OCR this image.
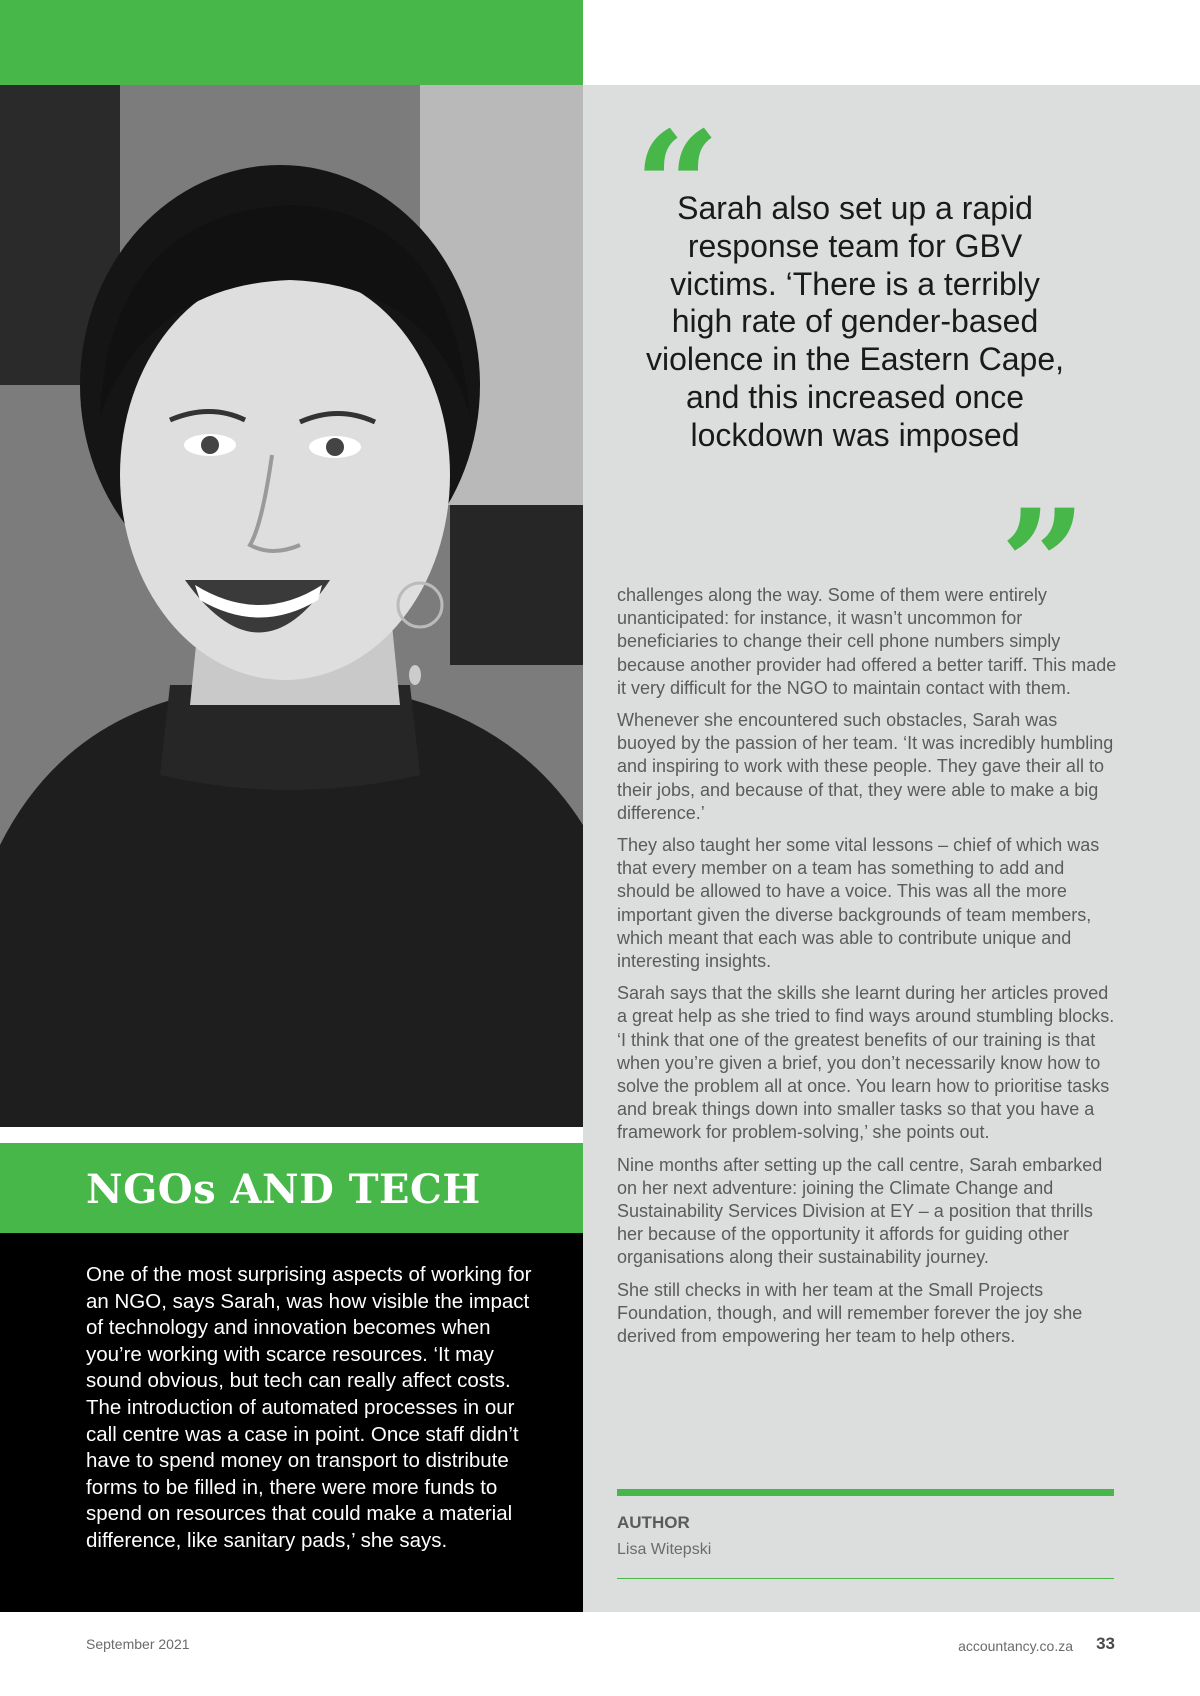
NGOs AND TECH

One of the most surprising aspects of working for an NGO, says Sarah, was how visible the impact of technology and innovation becomes when you’re working with scarce resources. ‘It may sound obvious, but tech can really affect costs. The introduction of automated processes in our call centre was a case in point. Once staff didn’t have to spend money on transport to distribute forms to be filled in, there were more funds to spend on resources that could make a material difference, like sanitary pads,’ she says.

“

Sarah also set up a rapid response team for GBV victims. ‘There is a terribly high rate of gender-based violence in the Eastern Cape, and this increased once lockdown was imposed

challenges along the way. Some of them were entirely unanticipated: for instance, it wasn’t uncommon for beneficiaries to change their cell phone numbers simply because another provider had offered a better tariff. This made it very difficult for the NGO to maintain contact with them.

Whenever she encountered such obstacles, Sarah was buoyed by the passion of her team. ‘It was incredibly humbling and inspiring to work with these people. They gave their all to their jobs, and because of that, they were able to make a big difference.’

They also taught her some vital lessons – chief of which was that every member on a team has something to add and should be allowed to have a voice. This was all the more important given the diverse backgrounds of team members, which meant that each was able to contribute unique and interesting insights.

Sarah says that the skills she learnt during her articles proved a great help as she tried to find ways around stumbling blocks. ‘I think that one of the greatest benefits of our training is that when you’re given a brief, you don’t necessarily know how to solve the problem all at once. You learn how to prioritise tasks and break things down into smaller tasks so that you have a framework for problem-solving,’ she points out.

Nine months after setting up the call centre, Sarah embarked on her next adventure: joining the Climate Change and Sustainability Services Division at EY – a position that thrills her because of the opportunity it affords for guiding other organisations along their sustainability journey.

She still checks in with her team at the Small Projects Foundation, though, and will remember forever the joy she derived from empowering her team to help others.

AUTHOR

Lisa Witepski

September 2021	accountancy.co.za 33
